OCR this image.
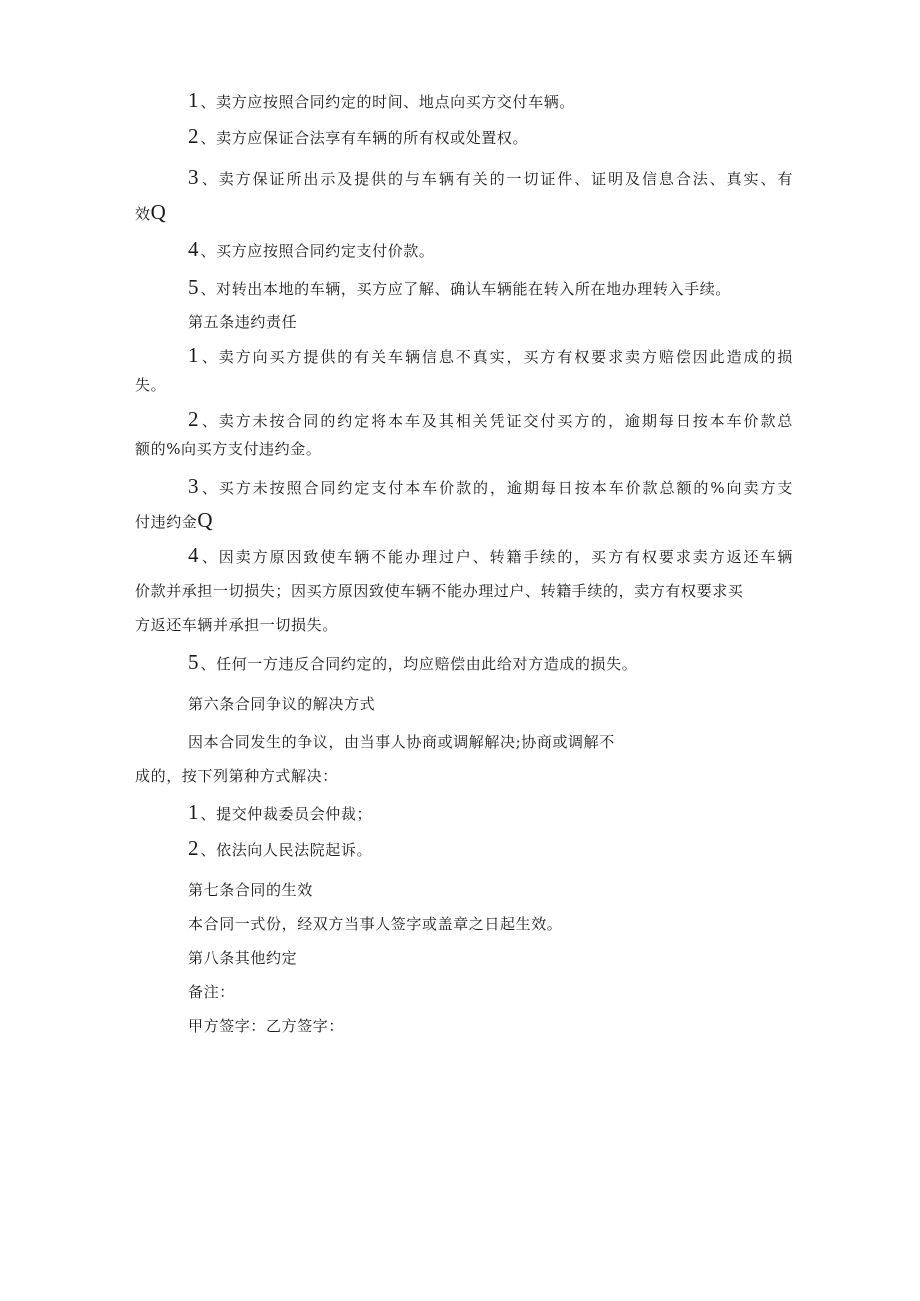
1 、卖方应按照合同约定的时间、地点向买方交付车辆。
2 、卖方应保证合法享有车辆的所有权或处置权。
3 、卖方保证所出示及提供的与车辆有关的一切证件、证明及信息合法、真实、有
效Q
4 、买方应按照合同约定支付价款。
5 、对转出本地的车辆，买方应了解、确认车辆能在转入所在地办理转入手续。
第五条违约责任
1 、卖方向买方提供的有关车辆信息不真实，买方有权要求卖方赔偿因此造成的损
失。
2 、卖方未按合同的约定将本车及其相关凭证交付买方的，逾期每日按本车价款总
额的%向买方支付违约金。
3 、买方未按照合同约定支付本车价款的，逾期每日按本车价款总额的%向卖方支
付违约金Q
4 、因卖方原因致使车辆不能办理过户、转籍手续的，买方有权要求卖方返还车辆
价款并承担一切损失；因买方原因致使车辆不能办理过户、转籍手续的，卖方有权要求买
方返还车辆并承担一切损失。
5 、任何一方违反合同约定的，均应赔偿由此给对方造成的损失。
第六条合同争议的解决方式
因本合同发生的争议，由当事人协商或调解解决;协商或调解不
成的，按下列第种方式解决：
1 、提交仲裁委员会仲裁；
2 、依法向人民法院起诉。
第七条合同的生效
本合同一式份，经双方当事人签字或盖章之日起生效。
第八条其他约定
备注：
甲方签字：乙方签字：
